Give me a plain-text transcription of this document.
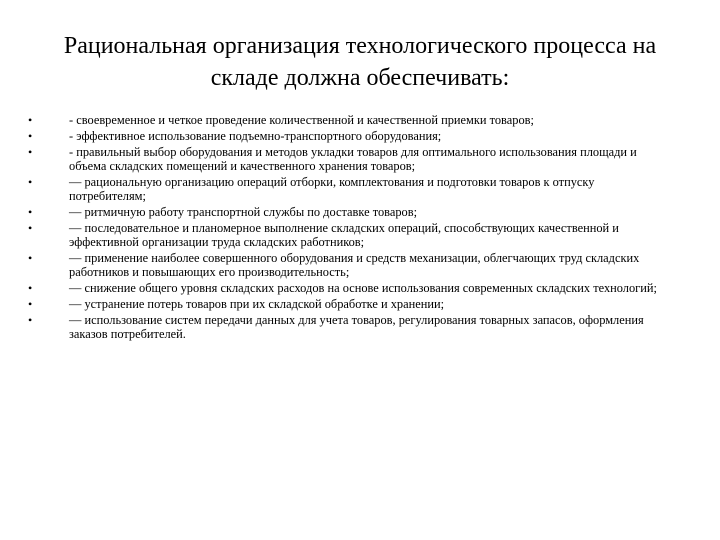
Рациональная организация технологического процесса на
складе должна обеспечивать:
•	- своевременное и четкое проведение количественной и качественной приемки товаров;
•	- эффективное использование подъемно-транспортного оборудования;
•	- правильный выбор оборудования и методов укладки товаров для оптимального использования площади и объема складских помещений и качественного хранения товаров;
•	— рациональную организацию операций отборки, комплектования и подготовки товаров к отпуску потребителям;
•	— ритмичную работу транспортной службы по доставке товаров;
•	— последовательное и планомерное выполнение складских операций, способствующих качественной и эффективной организации труда складских работников;
•	— применение наиболее совершенного оборудования и средств механизации, облегчающих труд складских работников и повышающих его производительность;
•	— снижение общего уровня складских расходов на основе использования современных складских технологий;
•	— устранение потерь товаров при их складской обработке и хранении;
•	— использование систем передачи данных для учета товаров, регулирования товарных запасов, оформления заказов потребителей.
